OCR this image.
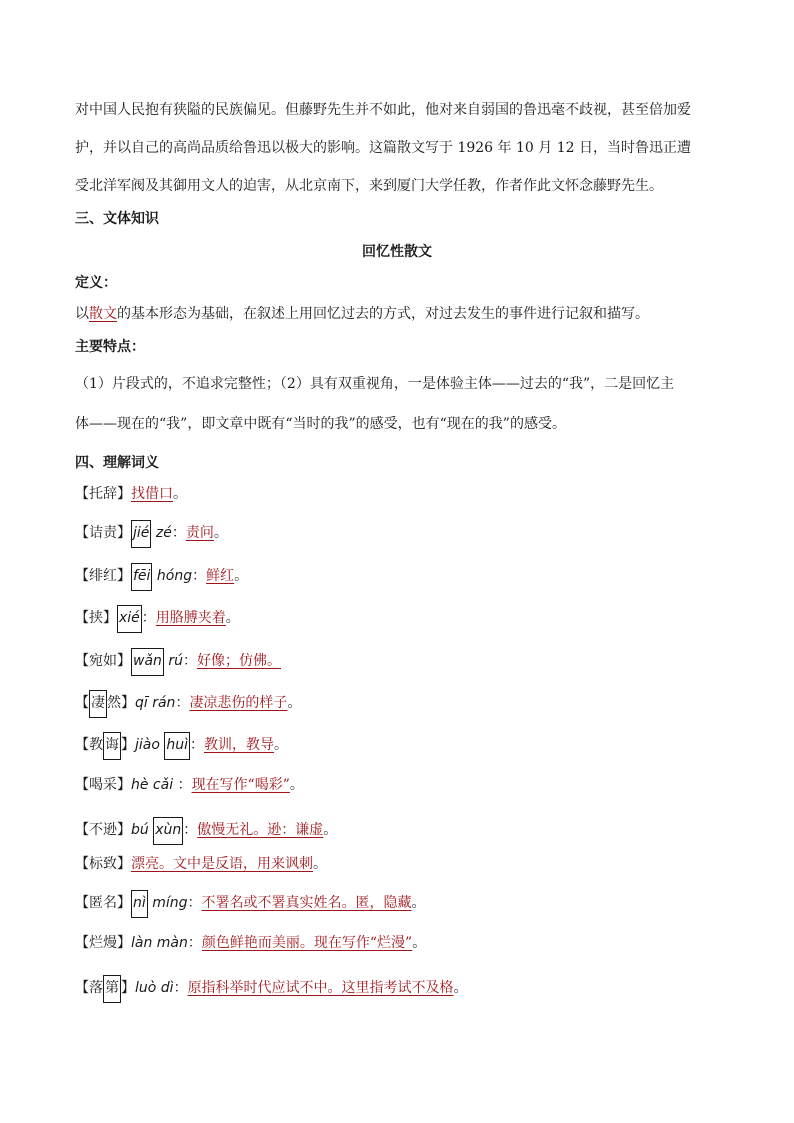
对中国人民抱有狭隘的民族偏见。但藤野先生并不如此，他对来自弱国的鲁迅毫不歧视，甚至倍加爱
护，并以自己的高尚品质给鲁迅以极大的影响。这篇散文写于 1926 年 10 月 12 日，当时鲁迅正遭
受北洋军阀及其御用文人的迫害，从北京南下，来到厦门大学任教，作者作此文怀念藤野先生。
三、文体知识
回忆性散文
定义：
以散文的基本形态为基础，在叙述上用回忆过去的方式，对过去发生的事件进行记叙和描写。
主要特点：
（1）片段式的，不追求完整性；（2）具有双重视角，一是体验主体——过去的“我”，二是回忆主
体——现在的“我”，即文章中既有“当时的我”的感受，也有“现在的我”的感受。
四、理解词义
【托辞】找借口。
【诘责】 jié zé：责问。
【绯红】 fēi hóng：鲜红。
【挟】 xié ：用胳膊夹着。
【宛如】 wǎn rú：好像；仿佛。
【 凄 然】qī rán：凄凉悲伤的样子。
【教 诲 】jiào huì ：教训，教导。
【喝采】hè cǎi ：现在写作“喝彩”。
【不逊】bú xùn ：傲慢无礼。逊：谦虚。
【标致】漂亮。文中是反语，用来讽刺。
【匿名】 nì míng：不署名或不署真实姓名。匿，隐藏。
【烂熳】làn màn：颜色鲜艳而美丽。现在写作“烂漫”。
【落 第 】luò dì：原指科举时代应试不中。这里指考试不及格。
